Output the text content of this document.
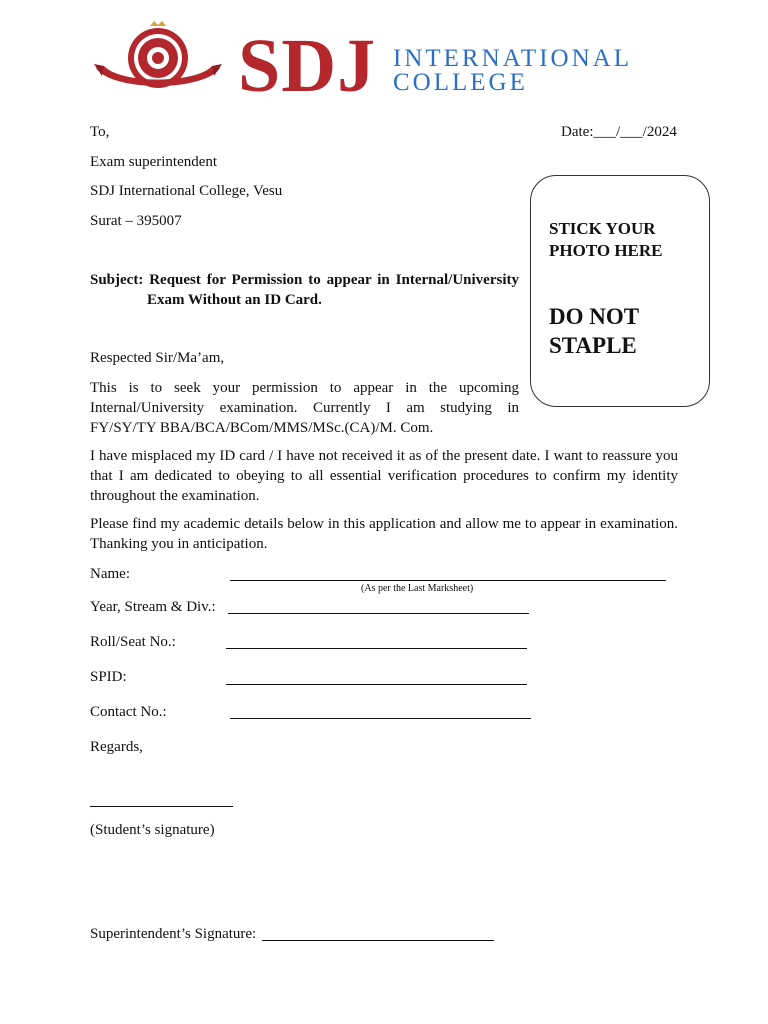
SDJ INTERNATIONAL
COLLEGE
To,	Date:___/___/2024
Exam superintendent
SDJ International College, Vesu
Surat – 395007	STICK YOUR
PHOTO HERE
DO NOT
STAPLE
Subject: Request for Permission to appear in Internal/University
Exam Without an ID Card.
Respected Sir/Ma’am,
This is to seek your permission to appear in the upcoming Internal/University examination. Currently I am studying in FY/SY/TY BBA/BCA/BCom/MMS/MSc.(CA)/M. Com.
I have misplaced my ID card / I have not received it as of the present date. I want to reassure you that I am dedicated to obeying to all essential verification procedures to confirm my identity throughout the examination.
Please find my academic details below in this application and allow me to appear in examination. Thanking you in anticipation.
Name:
(As per the Last Marksheet)
Year, Stream & Div.:
Roll/Seat No.:
SPID:
Contact No.:
Regards,
(Student’s signature)
Superintendent’s Signature:
